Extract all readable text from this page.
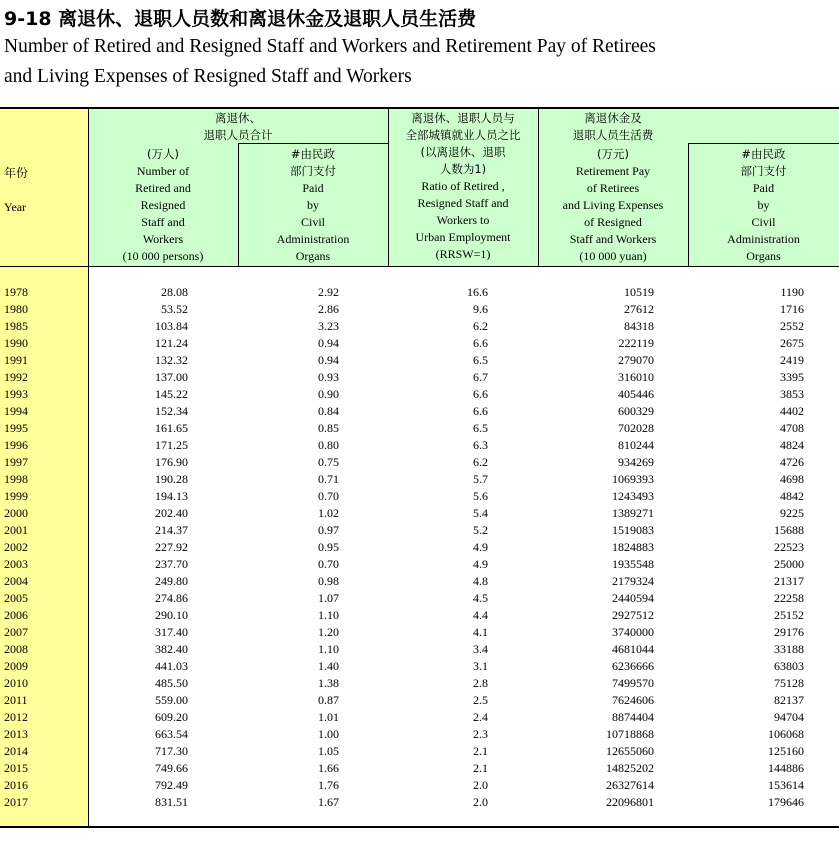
9-18 离退休、退职人员数和离退休金及退职人员生活费
Number of Retired and Resigned Staff and Workers and Retirement Pay of Retirees
and Living Expenses of Resigned Staff and Workers
年份
Year
离退休、
退职人员合计
(万人)
Number of
Retired and
Resigned
Staff and
Workers
(10 000 persons)
#由民政
部门支付
Paid
by
Civil
Administration
Organs
离退休、退职人员与
全部城镇就业人员之比
(以离退休、退职
人数为1)
Ratio of Retired ,
Resigned Staff and
Workers to
Urban Employment
(RRSW=1)
离退休金及
退职人员生活费
(万元)
Retirement Pay
of Retirees
and Living Expenses
of Resigned
Staff and Workers
(10 000 yuan)
#由民政
部门支付
Paid
by
Civil
Administration
Organs
1978	28.08	2.92	16.6	10519	1190
1980	53.52	2.86	9.6	27612	1716
1985	103.84	3.23	6.2	84318	2552
1990	121.24	0.94	6.6	222119	2675
1991	132.32	0.94	6.5	279070	2419
1992	137.00	0.93	6.7	316010	3395
1993	145.22	0.90	6.6	405446	3853
1994	152.34	0.84	6.6	600329	4402
1995	161.65	0.85	6.5	702028	4708
1996	171.25	0.80	6.3	810244	4824
1997	176.90	0.75	6.2	934269	4726
1998	190.28	0.71	5.7	1069393	4698
1999	194.13	0.70	5.6	1243493	4842
2000	202.40	1.02	5.4	1389271	9225
2001	214.37	0.97	5.2	1519083	15688
2002	227.92	0.95	4.9	1824883	22523
2003	237.70	0.70	4.9	1935548	25000
2004	249.80	0.98	4.8	2179324	21317
2005	274.86	1.07	4.5	2440594	22258
2006	290.10	1.10	4.4	2927512	25152
2007	317.40	1.20	4.1	3740000	29176
2008	382.40	1.10	3.4	4681044	33188
2009	441.03	1.40	3.1	6236666	63803
2010	485.50	1.38	2.8	7499570	75128
2011	559.00	0.87	2.5	7624606	82137
2012	609.20	1.01	2.4	8874404	94704
2013	663.54	1.00	2.3	10718868	106068
2014	717.30	1.05	2.1	12655060	125160
2015	749.66	1.66	2.1	14825202	144886
2016	792.49	1.76	2.0	26327614	153614
2017	831.51	1.67	2.0	22096801	179646
